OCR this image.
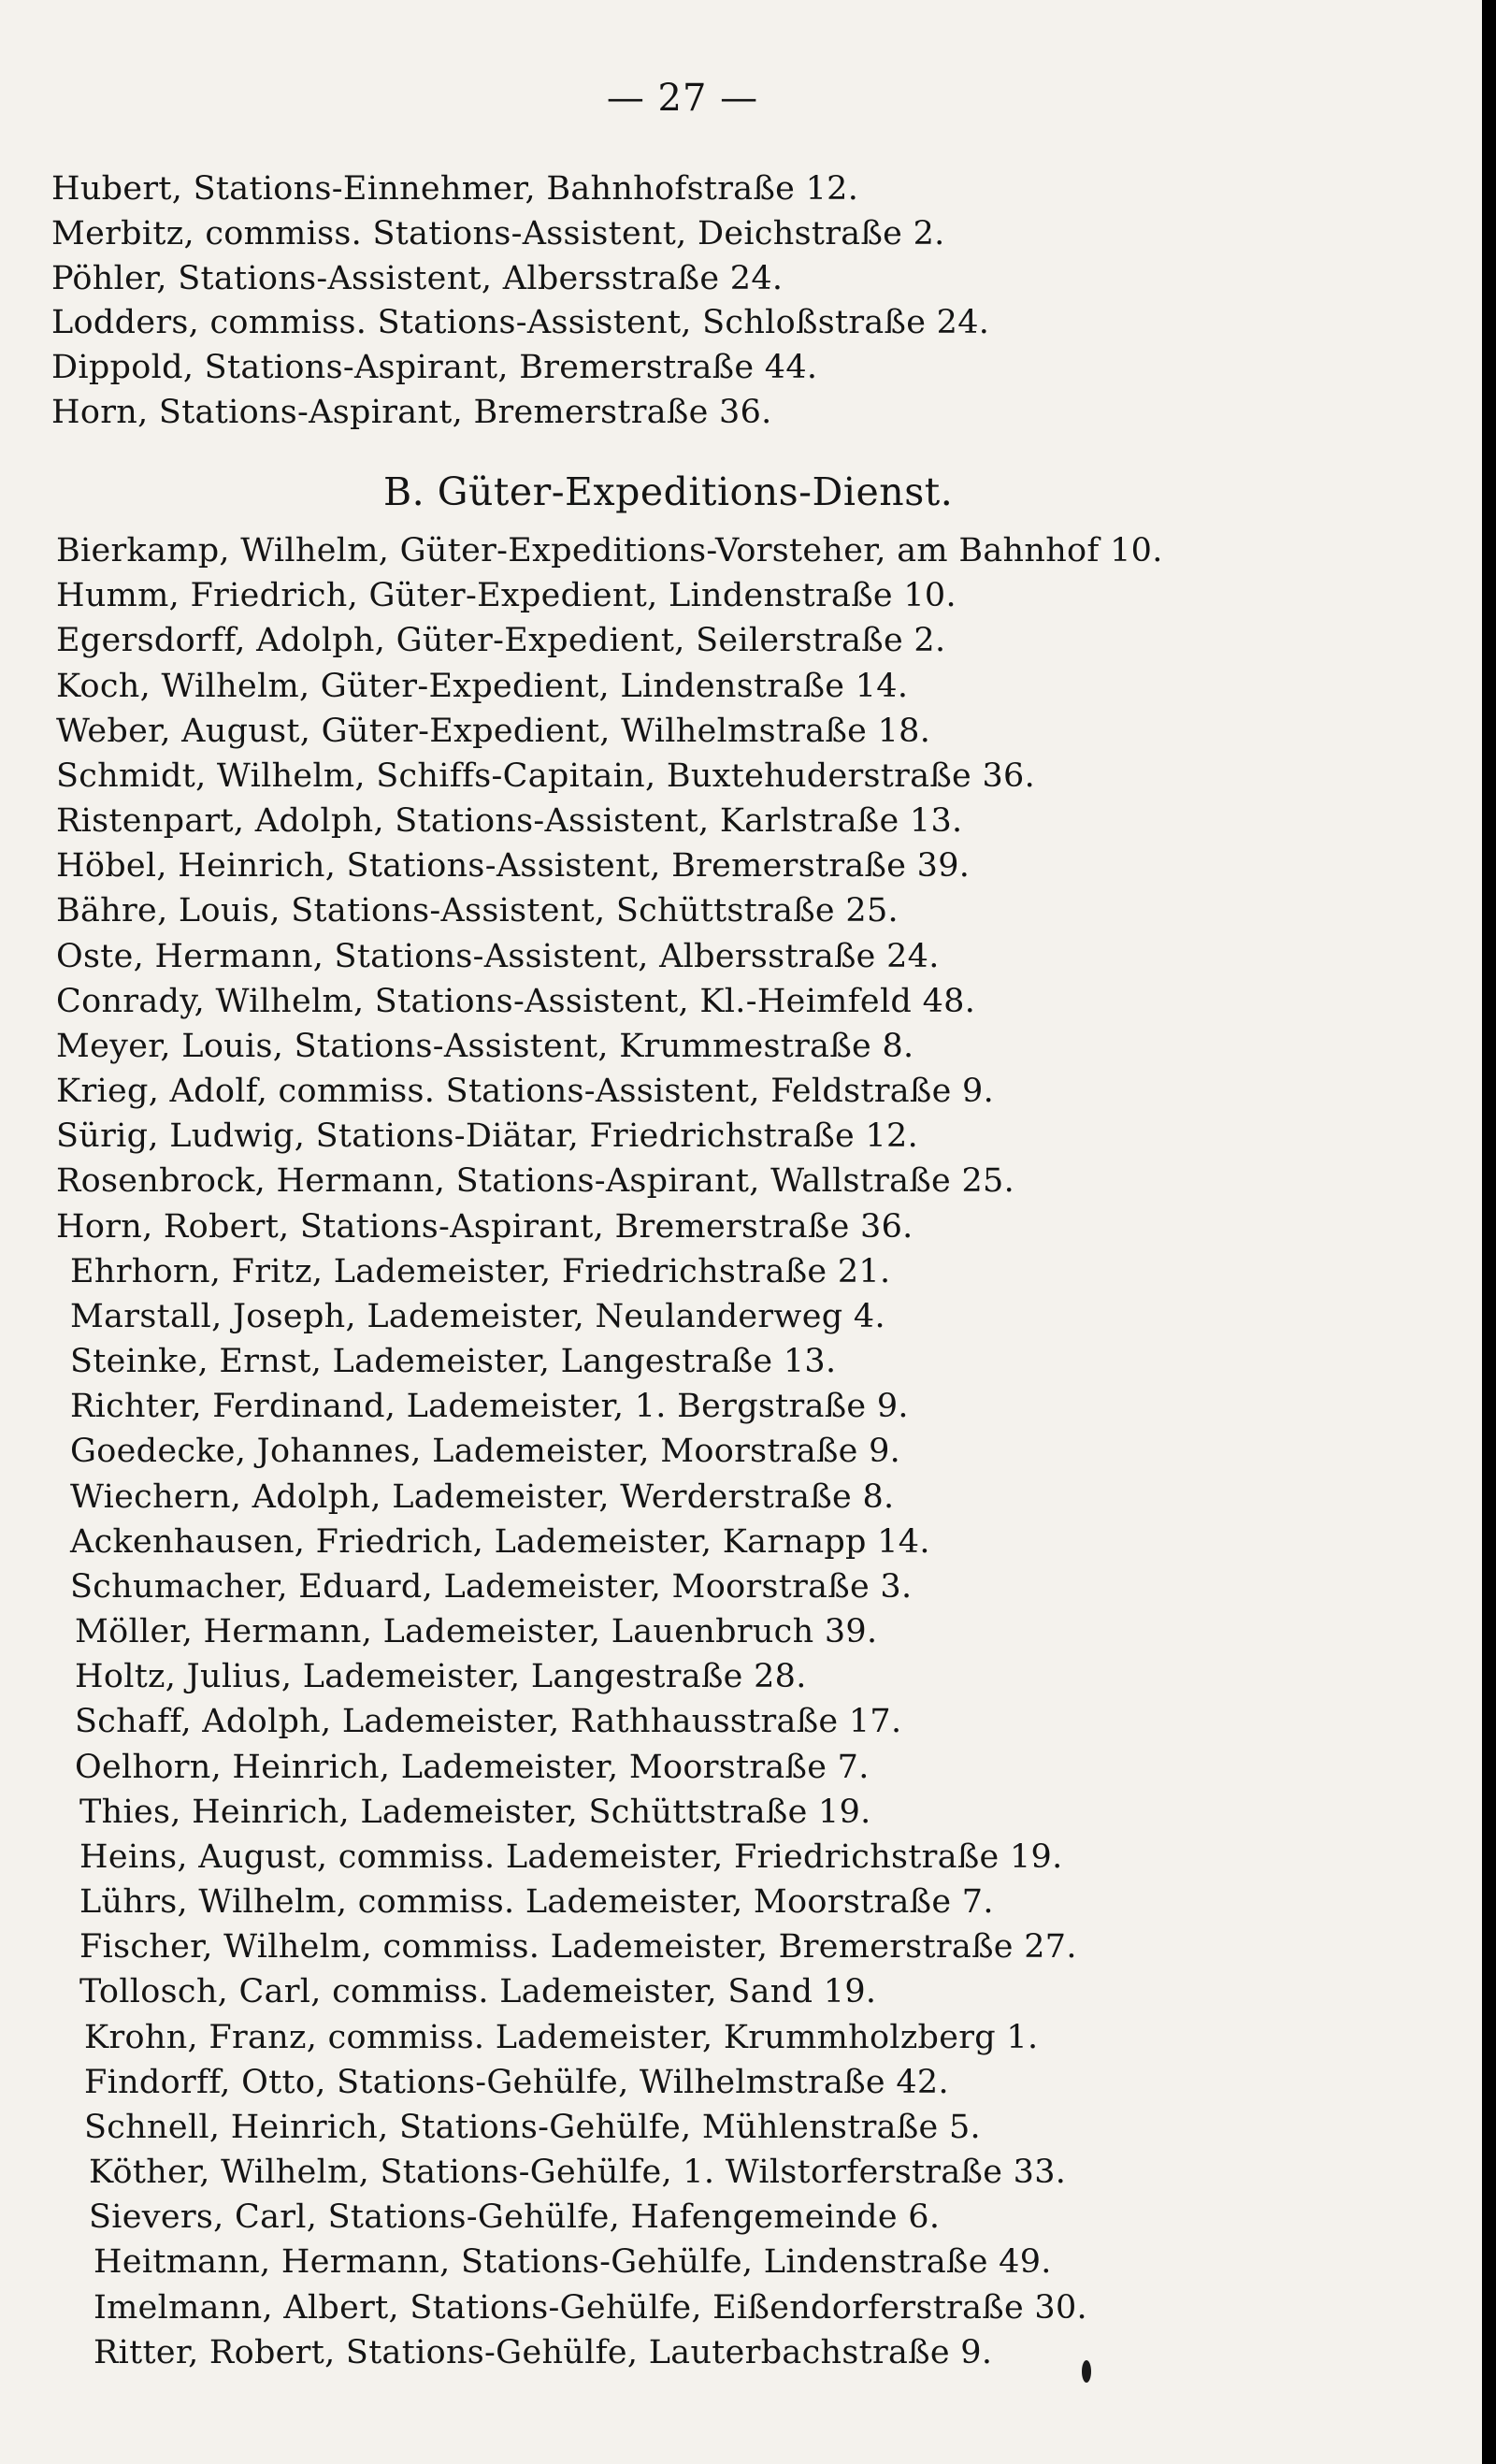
— 27 —
Hubert, Stations-Einnehmer, Bahnhofstraße 12.
Merbitz, commiss. Stations-Assistent, Deichstraße 2.
Pöhler, Stations-Assistent, Albersstraße 24.
Lodders, commiss. Stations-Assistent, Schloßstraße 24.
Dippold, Stations-Aspirant, Bremerstraße 44.
Horn, Stations-Aspirant, Bremerstraße 36.
B. Güter-Expeditions-Dienst.
Bierkamp, Wilhelm, Güter-Expeditions-Vorsteher, am Bahnhof 10.
Humm, Friedrich, Güter-Expedient, Lindenstraße 10.
Egersdorff, Adolph, Güter-Expedient, Seilerstraße 2.
Koch, Wilhelm, Güter-Expedient, Lindenstraße 14.
Weber, August, Güter-Expedient, Wilhelmstraße 18.
Schmidt, Wilhelm, Schiffs-Capitain, Buxtehuderstraße 36.
Ristenpart, Adolph, Stations-Assistent, Karlstraße 13.
Höbel, Heinrich, Stations-Assistent, Bremerstraße 39.
Bähre, Louis, Stations-Assistent, Schüttstraße 25.
Oste, Hermann, Stations-Assistent, Albersstraße 24.
Conrady, Wilhelm, Stations-Assistent, Kl.-Heimfeld 48.
Meyer, Louis, Stations-Assistent, Krummestraße 8.
Krieg, Adolf, commiss. Stations-Assistent, Feldstraße 9.
Sürig, Ludwig, Stations-Diätar, Friedrichstraße 12.
Rosenbrock, Hermann, Stations-Aspirant, Wallstraße 25.
Horn, Robert, Stations-Aspirant, Bremerstraße 36.
Ehrhorn, Fritz, Lademeister, Friedrichstraße 21.
Marstall, Joseph, Lademeister, Neulanderweg 4.
Steinke, Ernst, Lademeister, Langestraße 13.
Richter, Ferdinand, Lademeister, 1. Bergstraße 9.
Goedecke, Johannes, Lademeister, Moorstraße 9.
Wiechern, Adolph, Lademeister, Werderstraße 8.
Ackenhausen, Friedrich, Lademeister, Karnapp 14.
Schumacher, Eduard, Lademeister, Moorstraße 3.
Möller, Hermann, Lademeister, Lauenbruch 39.
Holtz, Julius, Lademeister, Langestraße 28.
Schaff, Adolph, Lademeister, Rathhausstraße 17.
Oelhorn, Heinrich, Lademeister, Moorstraße 7.
Thies, Heinrich, Lademeister, Schüttstraße 19.
Heins, August, commiss. Lademeister, Friedrichstraße 19.
Lührs, Wilhelm, commiss. Lademeister, Moorstraße 7.
Fischer, Wilhelm, commiss. Lademeister, Bremerstraße 27.
Tollosch, Carl, commiss. Lademeister, Sand 19.
Krohn, Franz, commiss. Lademeister, Krummholzberg 1.
Findorff, Otto, Stations-Gehülfe, Wilhelmstraße 42.
Schnell, Heinrich, Stations-Gehülfe, Mühlenstraße 5.
Köther, Wilhelm, Stations-Gehülfe, 1. Wilstorferstraße 33.
Sievers, Carl, Stations-Gehülfe, Hafengemeinde 6.
Heitmann, Hermann, Stations-Gehülfe, Lindenstraße 49.
Imelmann, Albert, Stations-Gehülfe, Eißendorferstraße 30.
Ritter, Robert, Stations-Gehülfe, Lauterbachstraße 9.
